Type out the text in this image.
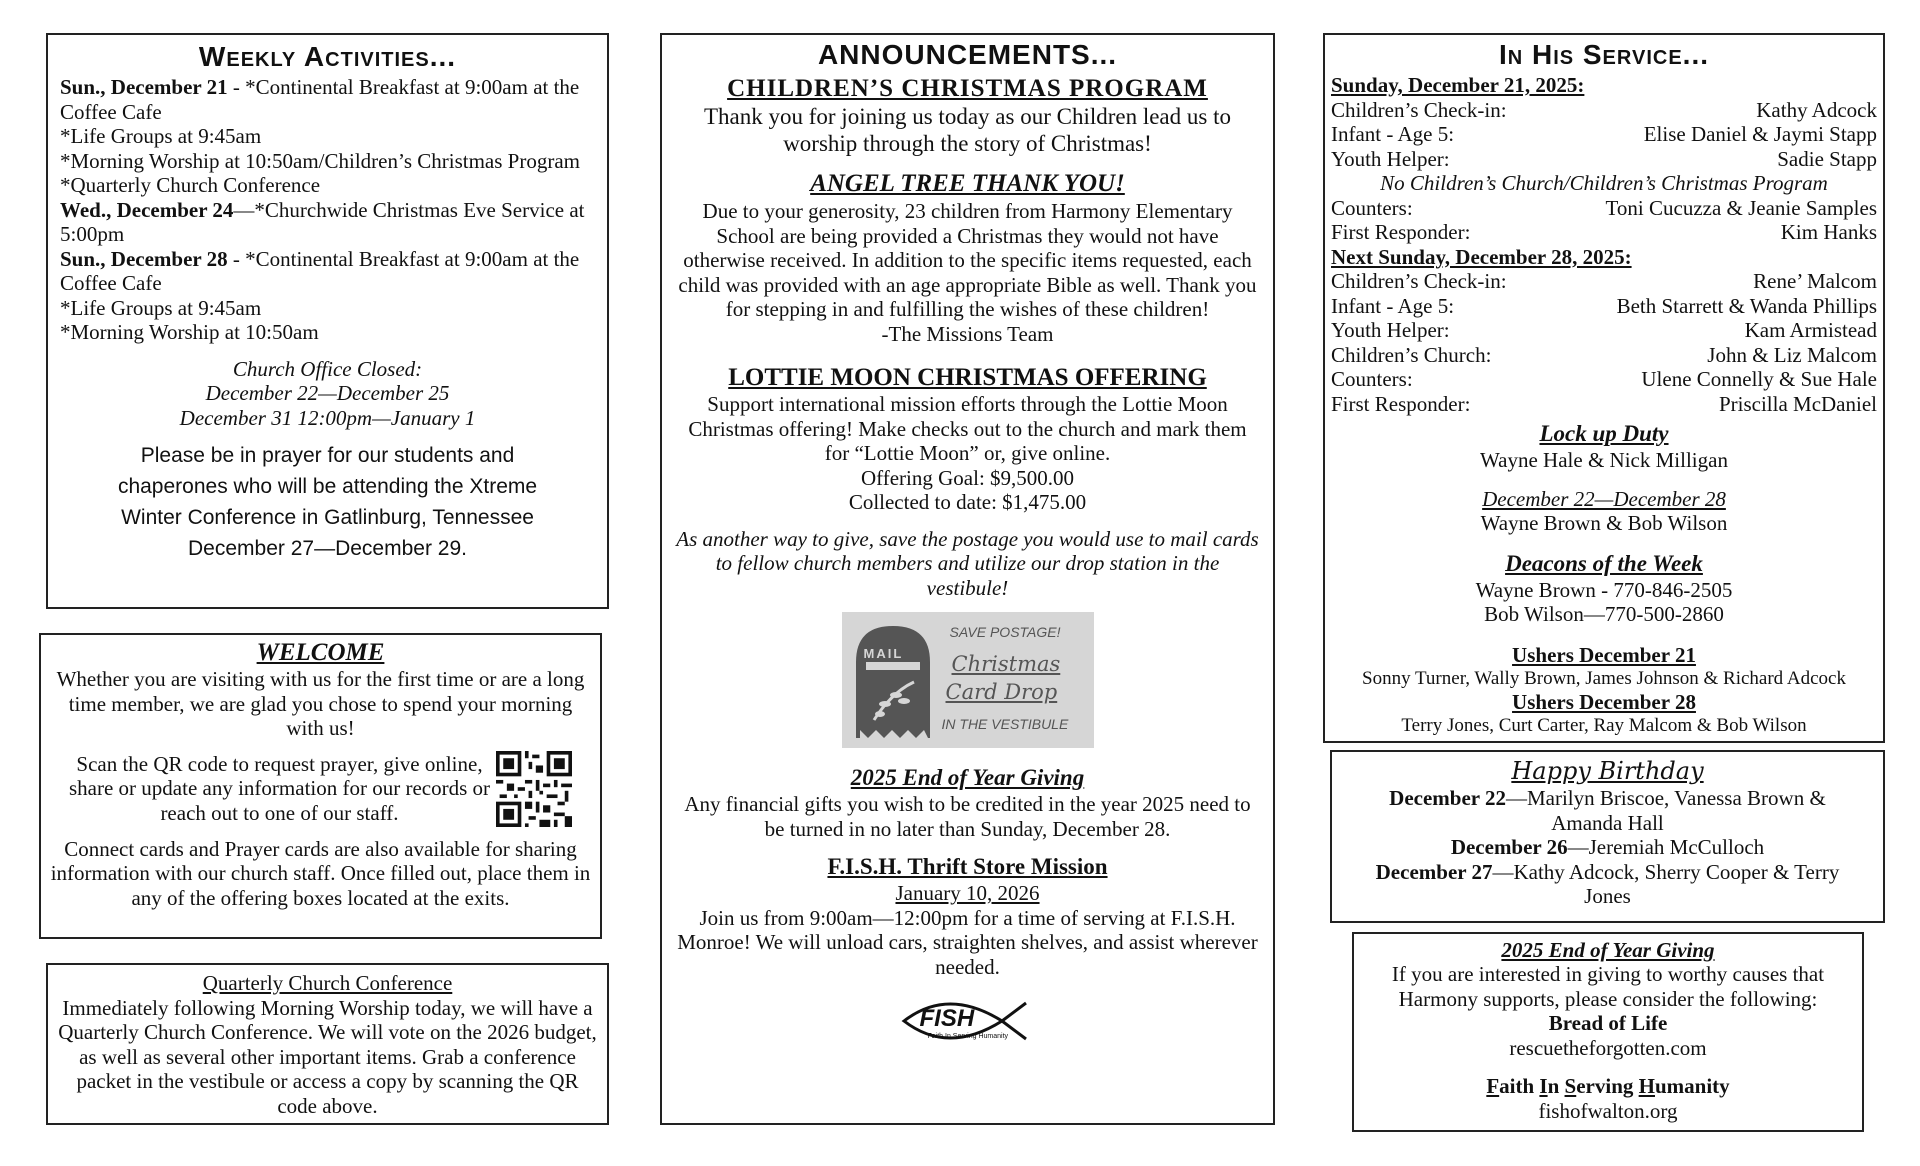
Weekly Activities...

Sun., December 21 - *Continental Breakfast at 9:00am at the Coffee Cafe

*Life Groups at 9:45am

*Morning Worship at 10:50am/Children’s Christmas Program

*Quarterly Church Conference

Wed., December 24—*Churchwide Christmas Eve Service at 5:00pm

Sun., December 28 - *Continental Breakfast at 9:00am at the Coffee Cafe

*Life Groups at 9:45am

*Morning Worship at 10:50am

Church Office Closed:

December 22—December 25

December 31 12:00pm—January 1

Please be in prayer for our students and chaperones who will be attending the Xtreme Winter Conference in Gatlinburg, Tennessee December 27—December 29.

WELCOME

Whether you are visiting with us for the first time or are a long time member, we are glad you chose to spend your morning with us!

Scan the QR code to request prayer, give online, share or update any information for our records or reach out to one of our staff.

Connect cards and Prayer cards are also available for sharing information with our church staff. Once filled out, place them in any of the offering boxes located at the exits.

Quarterly Church Conference

Immediately following Morning Worship today, we will have a Quarterly Church Conference. We will vote on the 2026 budget, as well as several other important items. Grab a conference packet in the vestibule or access a copy by scanning the QR code above.

ANNOUNCEMENTS...

CHILDREN’S CHRISTMAS PROGRAM

Thank you for joining us today as our Children lead us to worship through the story of Christmas!

ANGEL TREE THANK YOU!

Due to your generosity, 23 children from Harmony Elementary School are being provided a Christmas they would not have otherwise received. In addition to the specific items requested, each child was provided with an age appropriate Bible as well. Thank you for stepping in and fulfilling the wishes of these children!

-The Missions Team

LOTTIE MOON CHRISTMAS OFFERING

Support international mission efforts through the Lottie Moon Christmas offering! Make checks out to the church and mark them for “Lottie Moon” or, give online.

Offering Goal: $9,500.00

Collected to date: $1,475.00

As another way to give, save the postage you would use to mail cards to fellow church members and utilize our drop station in the vestibule!

MAIL
SAVE POSTAGE!
Christmas
Card Drop
IN THE VESTIBULE

2025 End of Year Giving

Any financial gifts you wish to be credited in the year 2025 need to be turned in no later than Sunday, December 28.

F.I.S.H. Thrift Store Mission

January 10, 2026

Join us from 9:00am—12:00pm for a time of serving at F.I.S.H. Monroe! We will unload cars, straighten shelves, and assist wherever needed.

FISH
Faith In Serving Humanity
In His Service...

Sunday, December 21, 2025:

Children’s Check-in:	Kathy Adcock
Infant - Age 5:	Elise Daniel & Jaymi Stapp
Youth Helper:	Sadie Stapp

No Children’s Church/Children’s Christmas Program

Counters:	Toni Cucuzza & Jeanie Samples
First Responder:	Kim Hanks

Next Sunday, December 28, 2025:

Children’s Check-in:	Rene’ Malcom
Infant - Age 5:	Beth Starrett & Wanda Phillips
Youth Helper:	Kam Armistead
Children’s Church:	John & Liz Malcom
Counters:	Ulene Connelly & Sue Hale
First Responder:	Priscilla McDaniel

Lock up Duty

Wayne Hale & Nick Milligan

December 22—December 28

Wayne Brown & Bob Wilson

Deacons of the Week

Wayne Brown - 770-846-2505

Bob Wilson—770-500-2860

Ushers December 21

Sonny Turner, Wally Brown, James Johnson & Richard Adcock

Ushers December 28

Terry Jones, Curt Carter, Ray Malcom & Bob Wilson

Happy Birthday

December 22—Marilyn Briscoe, Vanessa Brown & Amanda Hall

December 26—Jeremiah McCulloch

December 27—Kathy Adcock, Sherry Cooper & Terry Jones

2025 End of Year Giving

If you are interested in giving to worthy causes that Harmony supports, please consider the following:

Bread of Life

rescuetheforgotten.com

Faith In Serving Humanity

fishofwalton.org
